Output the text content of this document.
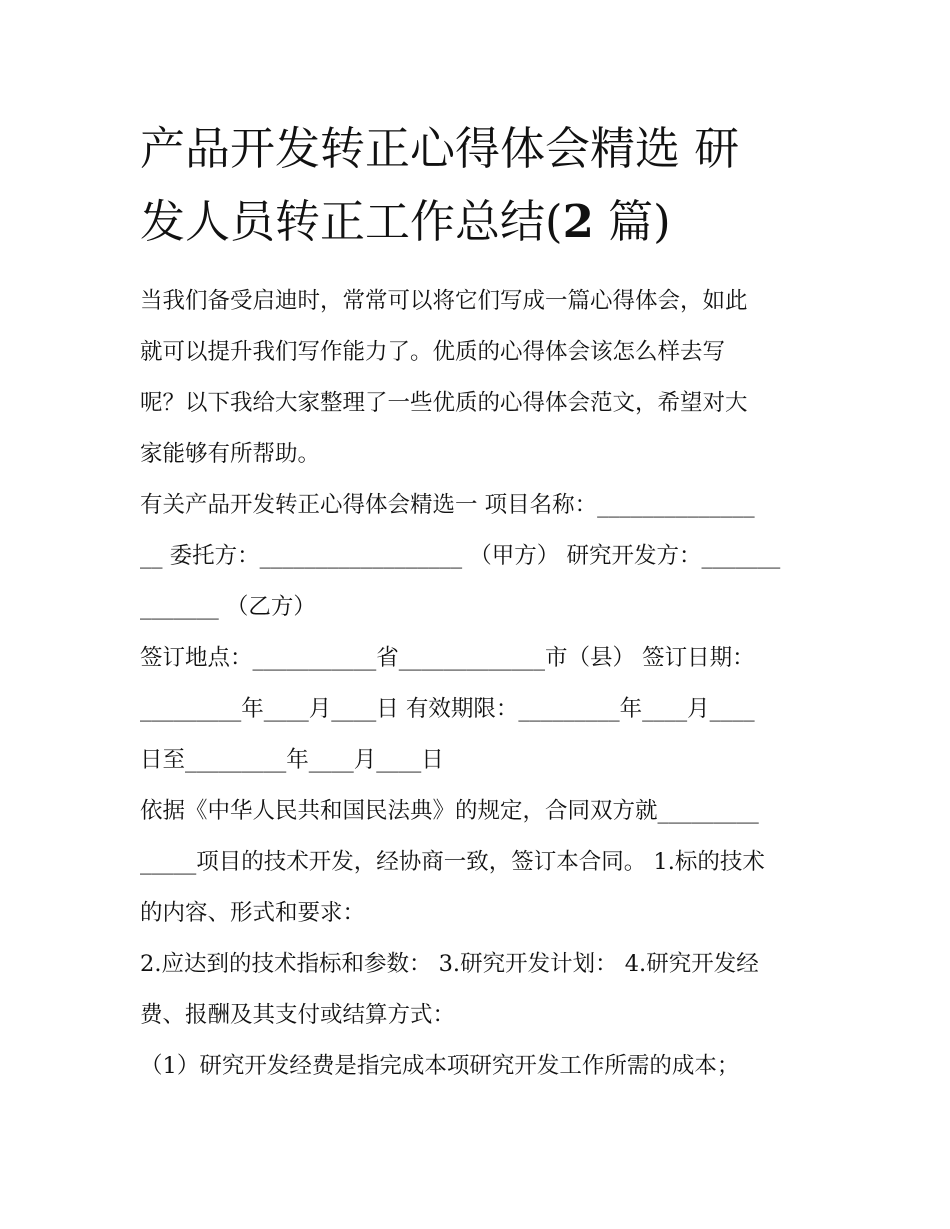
产品开发转正心得体会精选 研
发人员转正工作总结(2 篇)
当我们备受启迪时，常常可以将它们写成一篇心得体会，如此
就可以提升我们写作能力了。优质的心得体会该怎么样去写
呢？以下我给大家整理了一些优质的心得体会范文，希望对大
家能够有所帮助。
有关产品开发转正心得体会精选一 项目名称：______________
__ 委托方：__________________ （甲方） 研究开发方：_______
_______ （乙方）
签订地点：___________省_____________市（县） 签订日期：
_________年____月____日 有效期限：_________年____月____
日至_________年____月____日
依据《中华人民共和国民法典》的规定，合同双方就_________
_____项目的技术开发，经协商一致，签订本合同。 1.标的技术
的内容、形式和要求：
2.应达到的技术指标和参数： 3.研究开发计划： 4.研究开发经
费、报酬及其支付或结算方式：
（1）研究开发经费是指完成本项研究开发工作所需的成本；
